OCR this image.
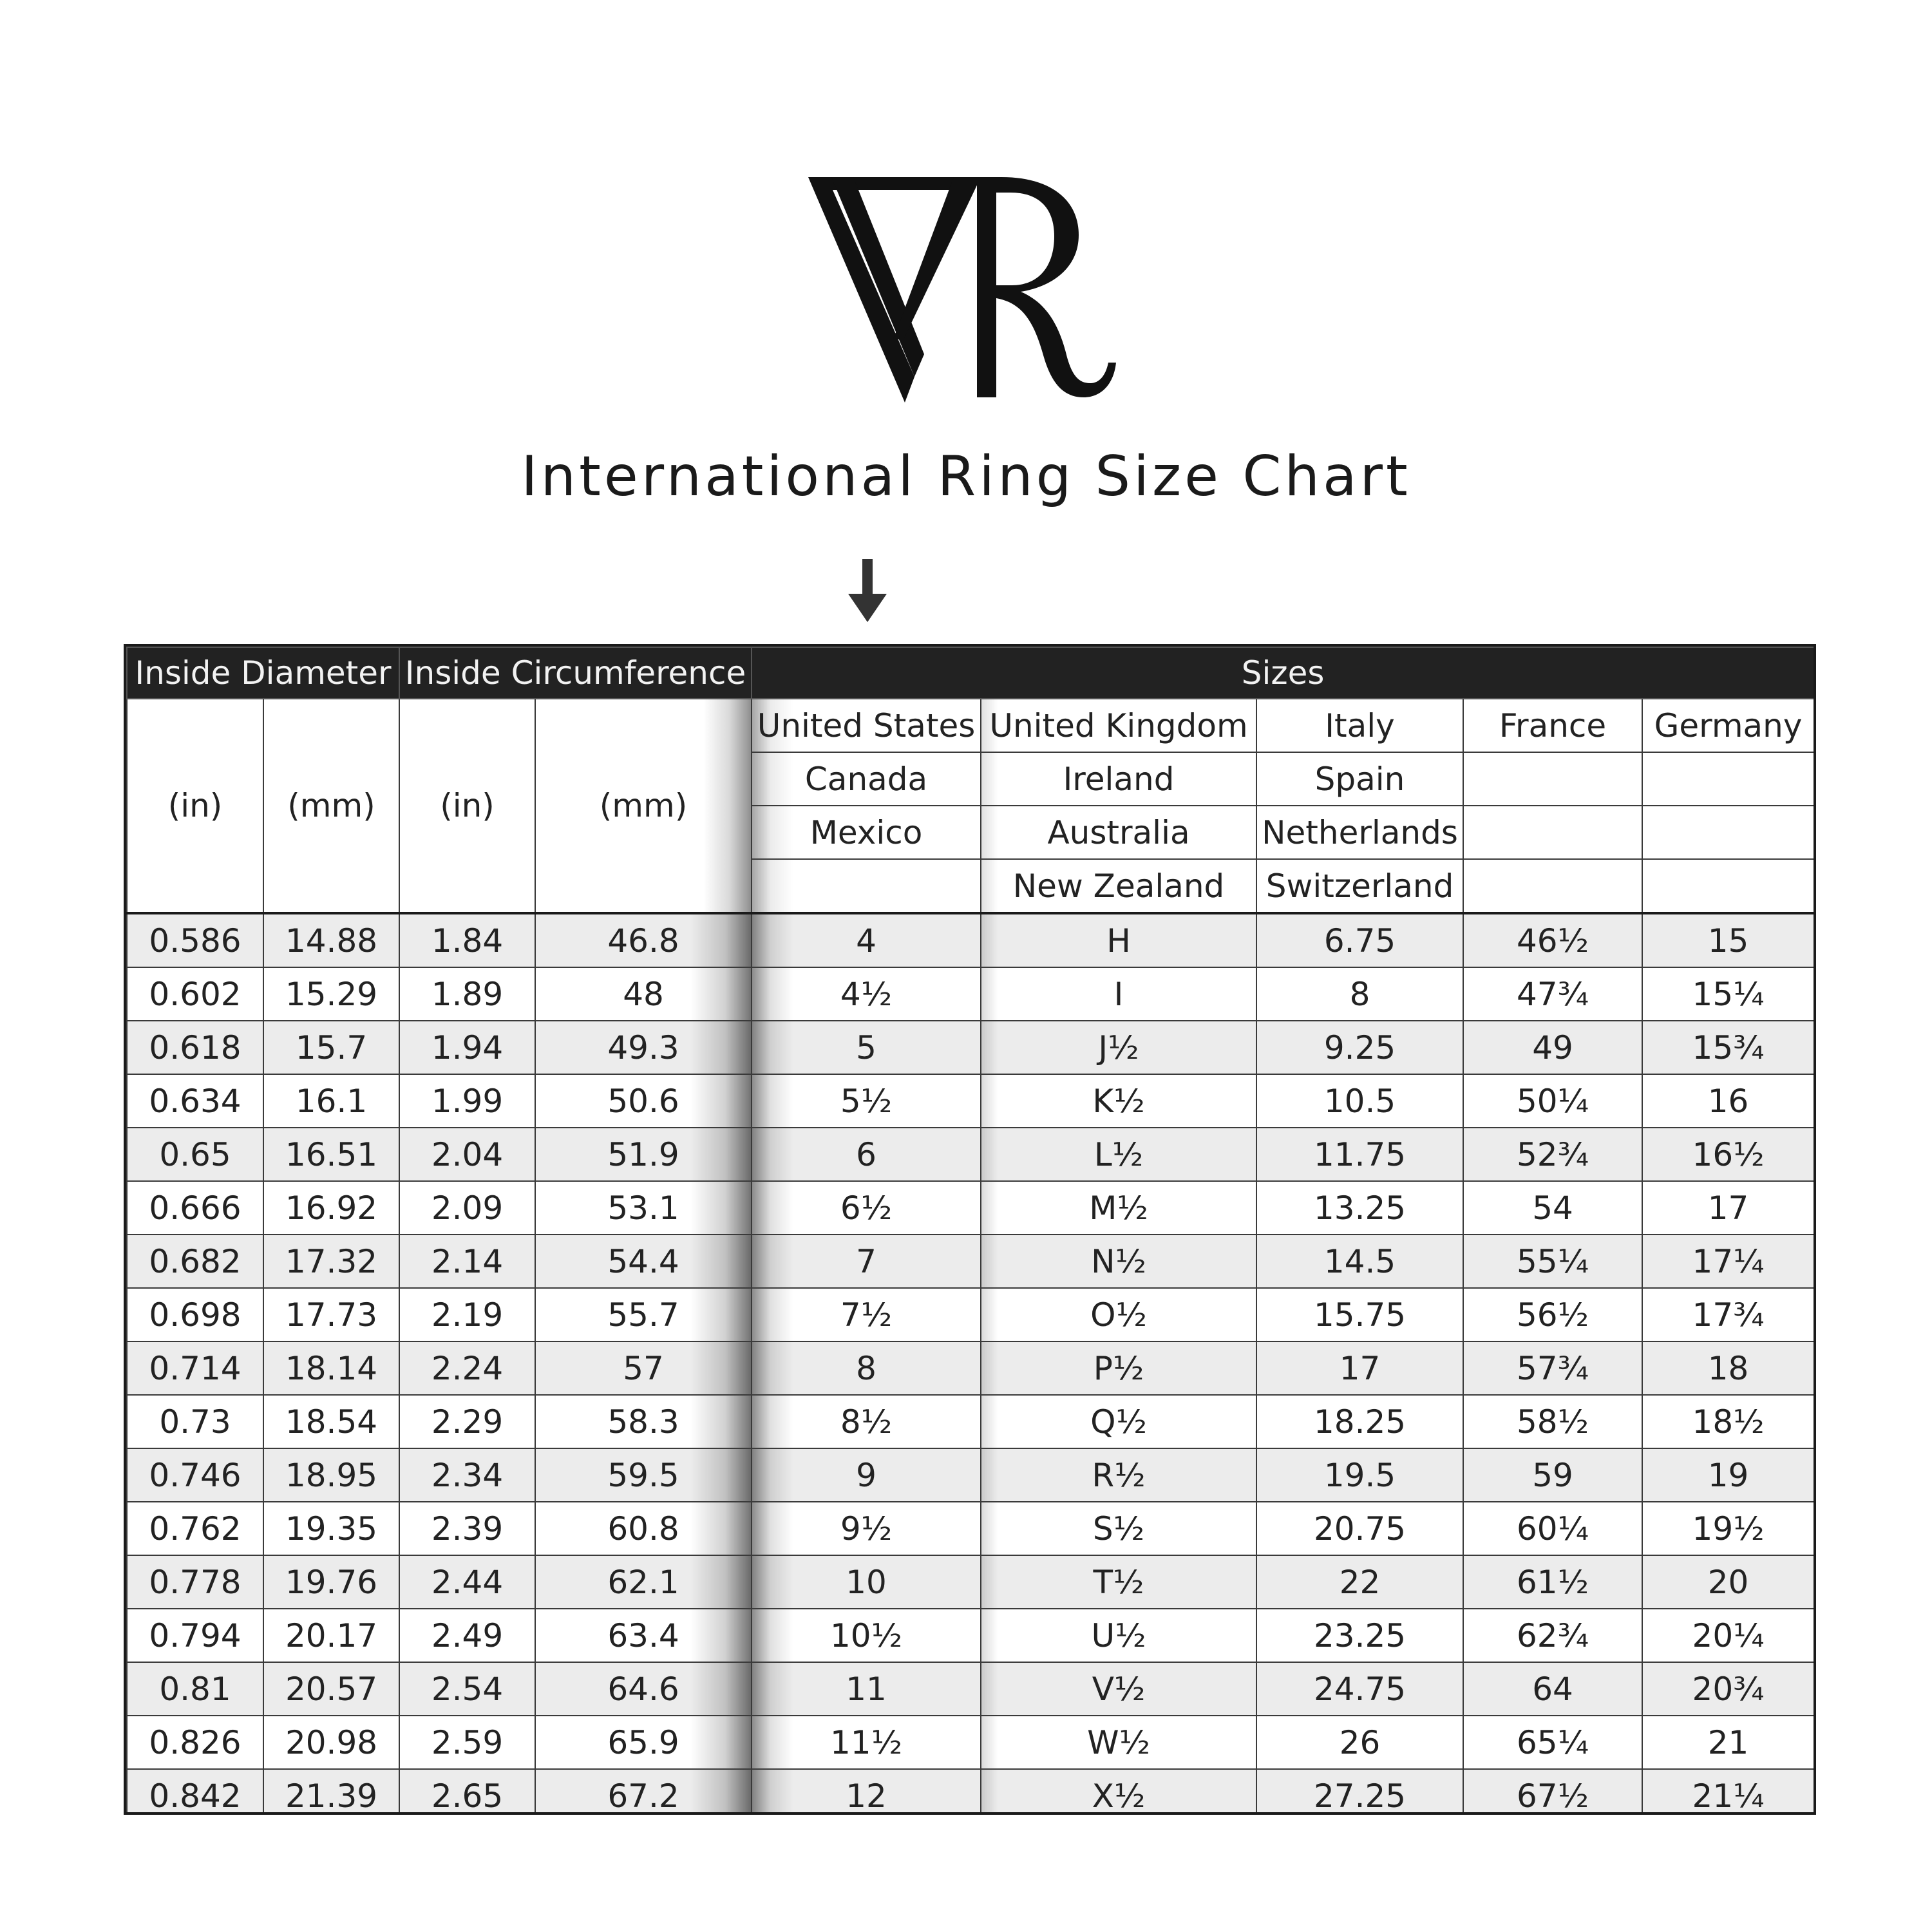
International Ring Size Chart
Inside Diameter		Inside Circumference		Sizes				
(in)	(mm)	(in)	(mm)	United States	United Kingdom	Italy	France	Germany
				Canada	Ireland	Spain		
				Mexico	Australia	Netherlands		
					New Zealand	Switzerland		
0.586	14.88	1.84	46.8	4	H	6.75	46½	15
0.602	15.29	1.89	48	4½	I	8	47¾	15¼
0.618	15.7	1.94	49.3	5	J½	9.25	49	15¾
0.634	16.1	1.99	50.6	5½	K½	10.5	50¼	16
0.65	16.51	2.04	51.9	6	L½	11.75	52¾	16½
0.666	16.92	2.09	53.1	6½	M½	13.25	54	17
0.682	17.32	2.14	54.4	7	N½	14.5	55¼	17¼
0.698	17.73	2.19	55.7	7½	O½	15.75	56½	17¾
0.714	18.14	2.24	57	8	P½	17	57¾	18
0.73	18.54	2.29	58.3	8½	Q½	18.25	58½	18½
0.746	18.95	2.34	59.5	9	R½	19.5	59	19
0.762	19.35	2.39	60.8	9½	S½	20.75	60¼	19½
0.778	19.76	2.44	62.1	10	T½	22	61½	20
0.794	20.17	2.49	63.4	10½	U½	23.25	62¾	20¼
0.81	20.57	2.54	64.6	11	V½	24.75	64	20¾
0.826	20.98	2.59	65.9	11½	W½	26	65¼	21
0.842	21.39	2.65	67.2	12	X½	27.25	67½	21¼
